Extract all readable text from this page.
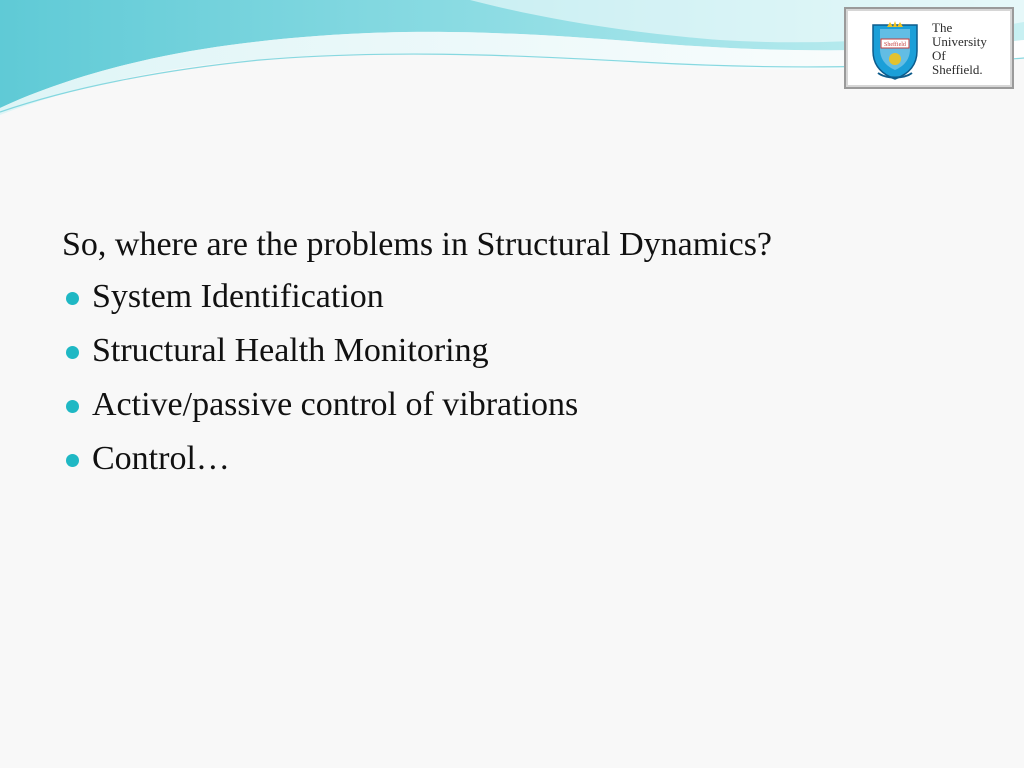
Sheffield
The
University
Of
Sheffield.
So, where are the problems in Structural Dynamics?
System Identification
Structural Health Monitoring
Active/passive control of vibrations
Control…
